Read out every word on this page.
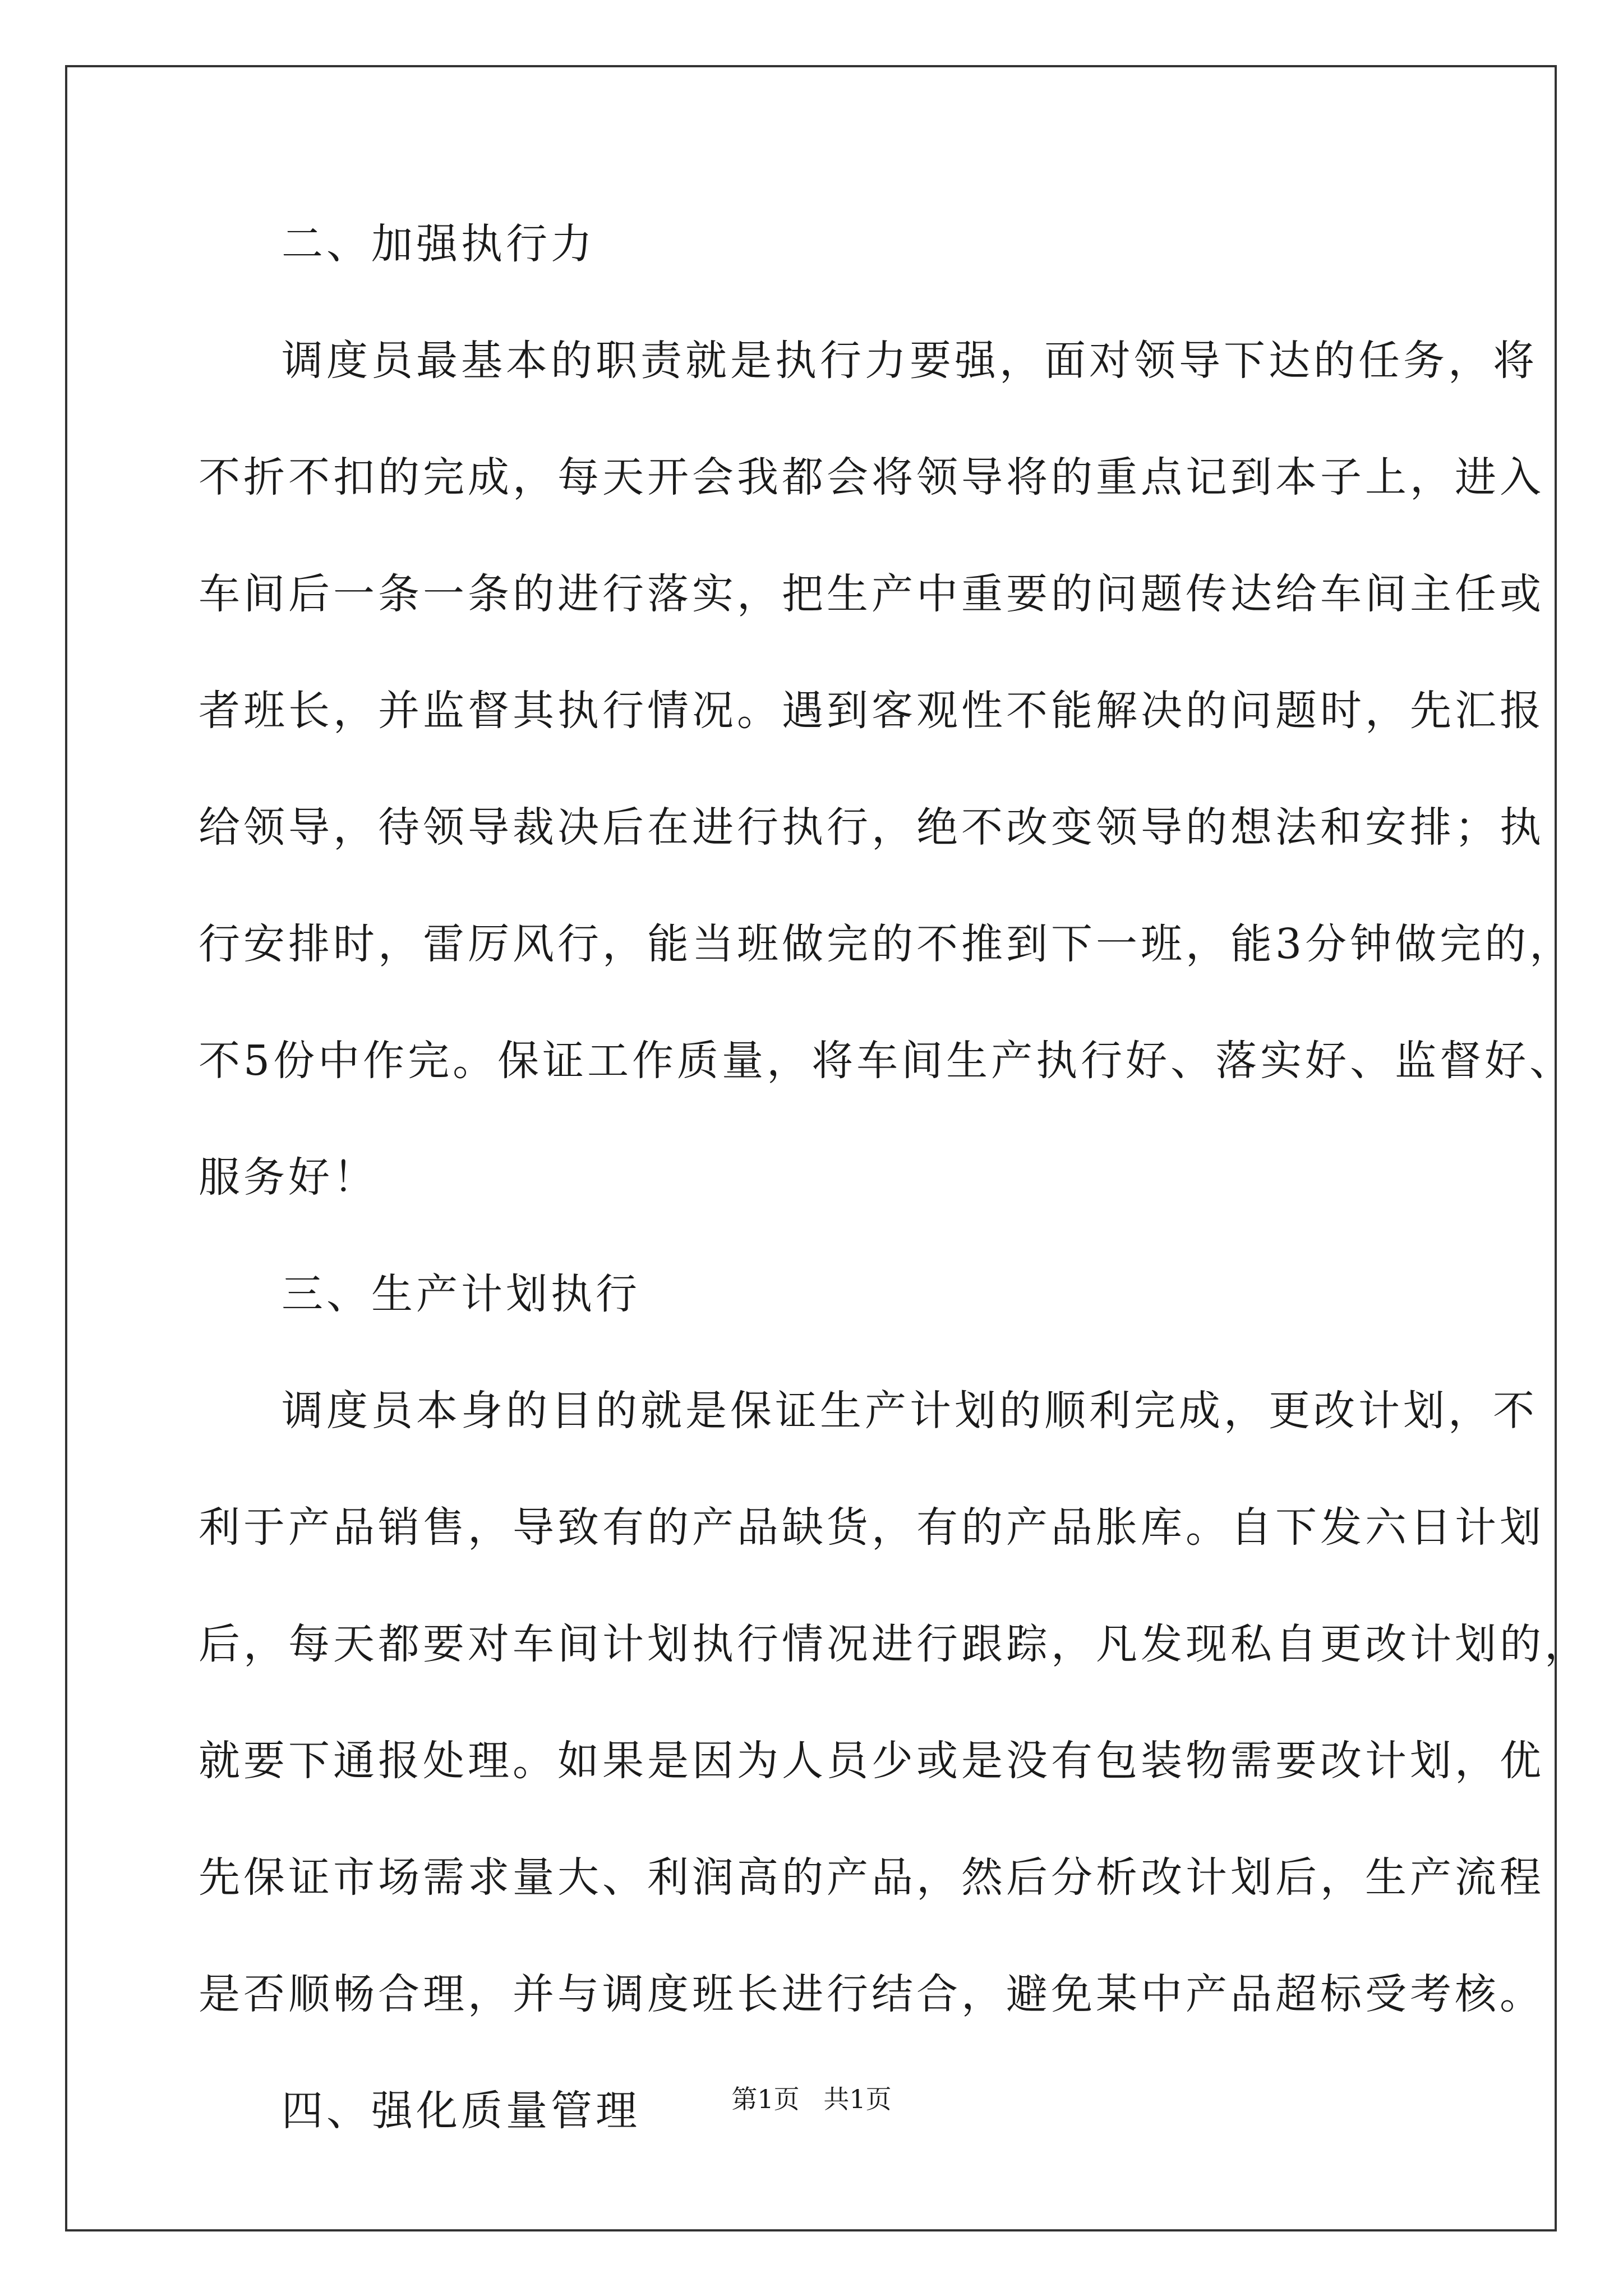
二、加强执行力
调度员最基本的职责就是执行力要强，面对领导下达的任务，将
不折不扣的完成，每天开会我都会将领导将的重点记到本子上，进入
车间后一条一条的进行落实，把生产中重要的问题传达给车间主任或
者班长，并监督其执行情况。遇到客观性不能解决的问题时，先汇报
给领导，待领导裁决后在进行执行，绝不改变领导的想法和安排；执
行安排时，雷厉风行，能当班做完的不推到下一班，能3分钟做完的，
不5份中作完。保证工作质量，将车间生产执行好、落实好、监督好、
服务好！
三、生产计划执行
调度员本身的目的就是保证生产计划的顺利完成，更改计划，不
利于产品销售，导致有的产品缺货，有的产品胀库。自下发六日计划
后，每天都要对车间计划执行情况进行跟踪，凡发现私自更改计划的，
就要下通报处理。如果是因为人员少或是没有包装物需要改计划，优
先保证市场需求量大、利润高的产品，然后分析改计划后，生产流程
是否顺畅合理，并与调度班长进行结合，避免某中产品超标受考核。
四、强化质量管理	第1页 共1页
